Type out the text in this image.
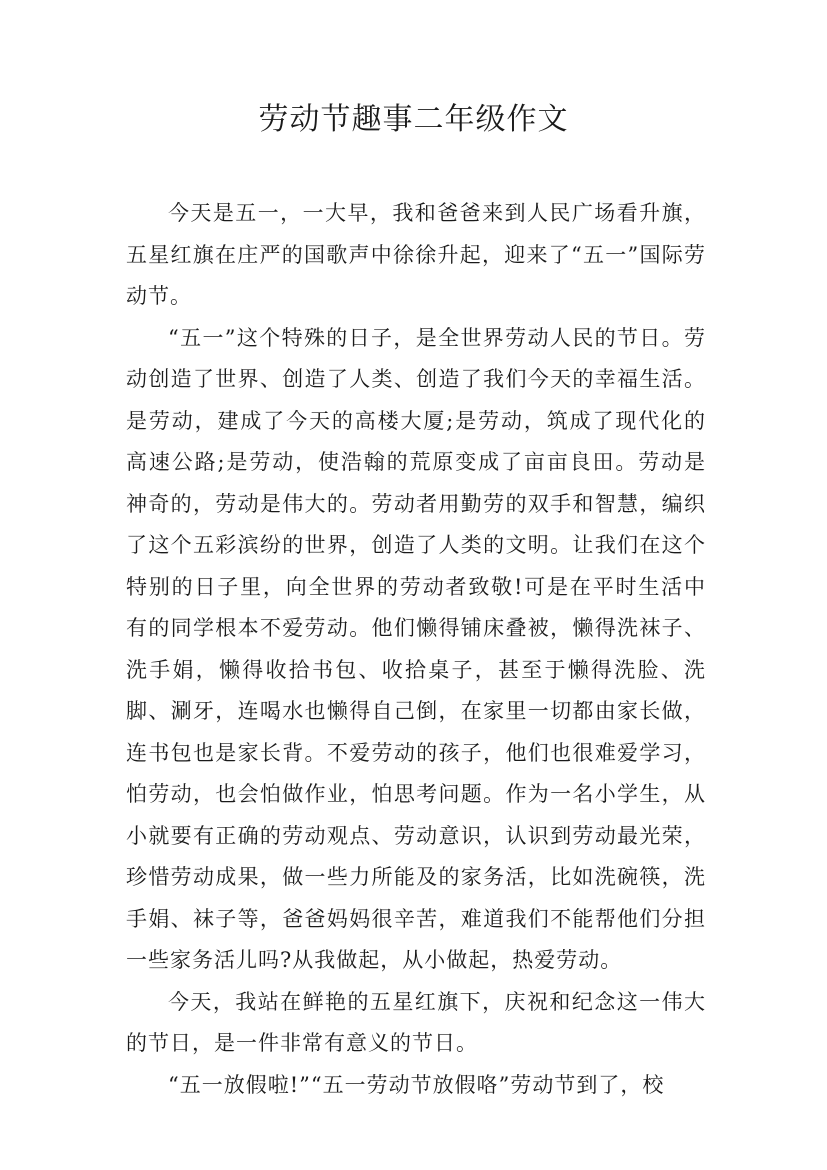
劳动节趣事二年级作文

今天是五一，一大早，我和爸爸来到人民广场看升旗，五星红旗在庄严的国歌声中徐徐升起，迎来了“五一”国际劳动节。

“五一”这个特殊的日子，是全世界劳动人民的节日。劳动创造了世界、创造了人类、创造了我们今天的幸福生活。是劳动，建成了今天的高楼大厦;是劳动，筑成了现代化的高速公路;是劳动，使浩翰的荒原变成了亩亩良田。劳动是神奇的，劳动是伟大的。劳动者用勤劳的双手和智慧，编织了这个五彩滨纷的世界，创造了人类的文明。让我们在这个特别的日子里，向全世界的劳动者致敬!可是在平时生活中有的同学根本不爱劳动。他们懒得铺床叠被，懒得洗袜子、洗手娟，懒得收拾书包、收拾桌子，甚至于懒得洗脸、洗脚、涮牙，连喝水也懒得自己倒，在家里一切都由家长做，连书包也是家长背。不爱劳动的孩子，他们也很难爱学习，怕劳动，也会怕做作业，怕思考问题。作为一名小学生，从小就要有正确的劳动观点、劳动意识，认识到劳动最光荣，珍惜劳动成果，做一些力所能及的家务活，比如洗碗筷，洗手娟、袜子等，爸爸妈妈很辛苦，难道我们不能帮他们分担一些家务活儿吗?从我做起，从小做起，热爱劳动。

今天，我站在鲜艳的五星红旗下，庆祝和纪念这一伟大的节日，是一件非常有意义的节日。

“五一放假啦!”“五一劳动节放假咯”劳动节到了，校
